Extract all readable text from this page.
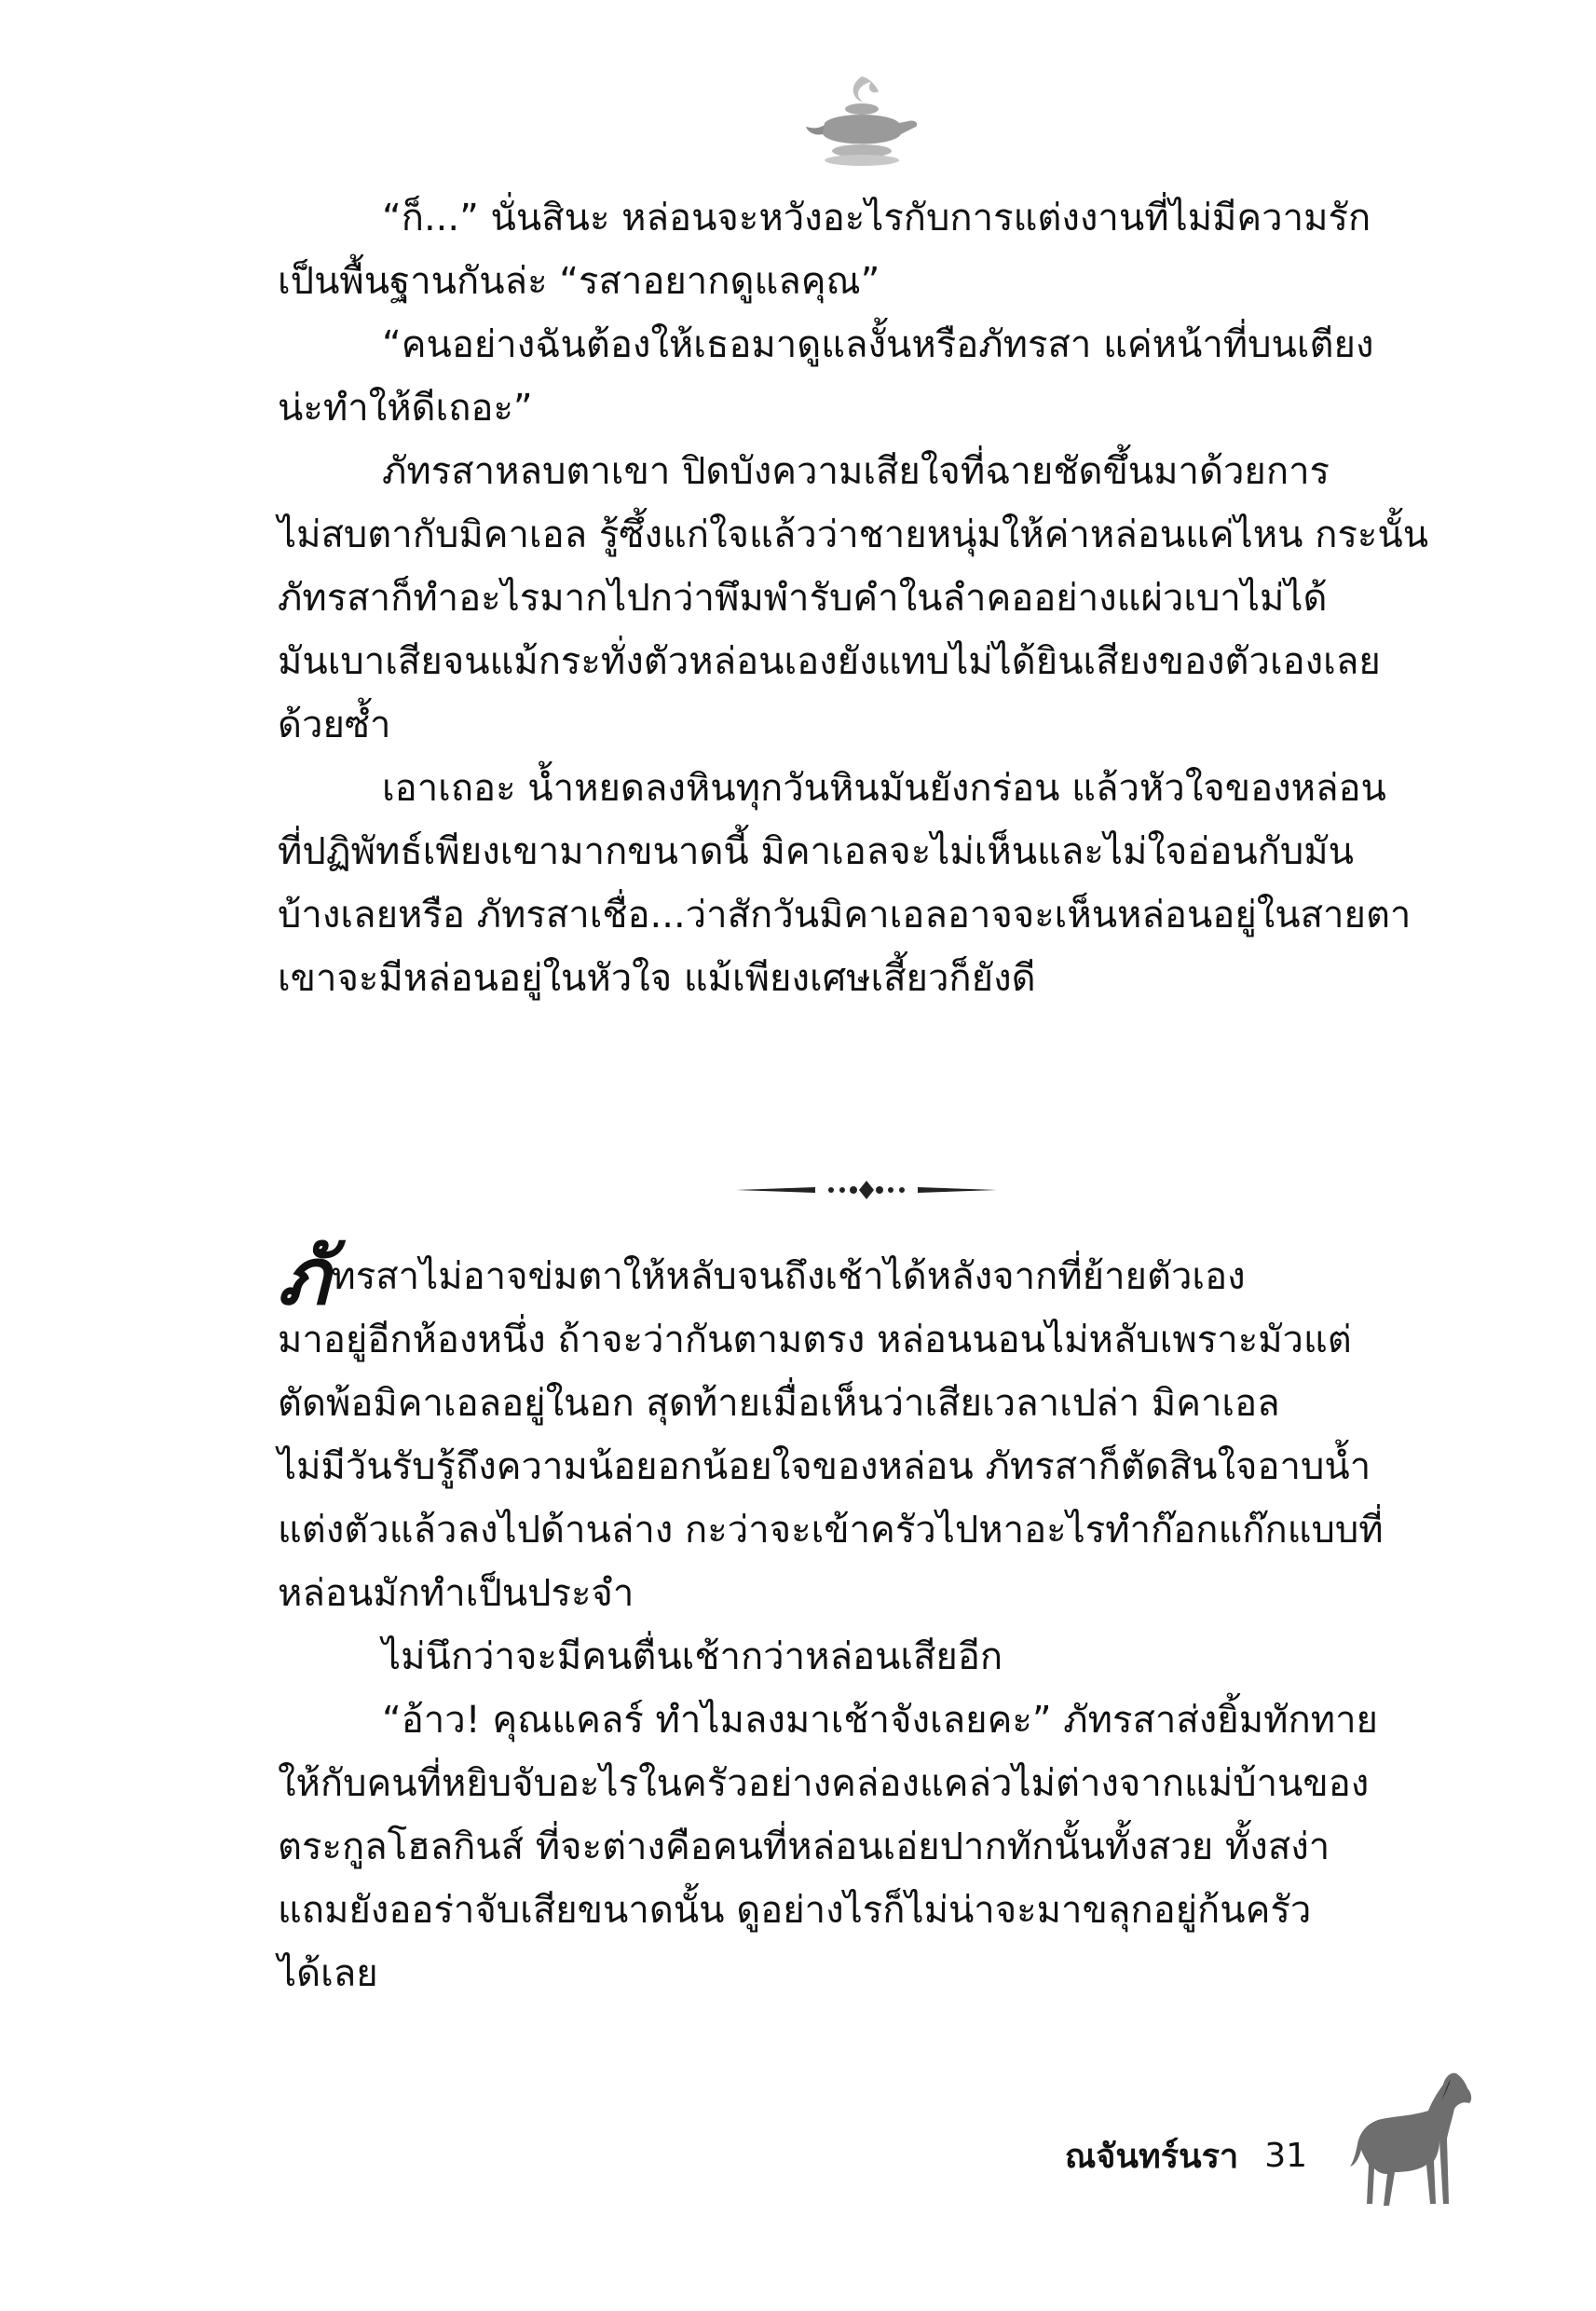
“ก็...” นั่นสินะ หล่อนจะหวังอะไรกับการแต่งงานที่ไม่มีความรัก

เป็นพื้นฐานกันล่ะ “รสาอยากดูแลคุณ”

“คนอย่างฉันต้องให้เธอมาดูแลงั้นหรือภัทรสา แค่หน้าที่บนเตียง

น่ะทำให้ดีเถอะ”

ภัทรสาหลบตาเขา ปิดบังความเสียใจที่ฉายชัดขึ้นมาด้วยการ

ไม่สบตากับมิคาเอล รู้ซึ้งแก่ใจแล้วว่าชายหนุ่มให้ค่าหล่อนแค่ไหน กระนั้น

ภัทรสาก็ทำอะไรมากไปกว่าพึมพำรับคำในลำคออย่างแผ่วเบาไม่ได้

มันเบาเสียจนแม้กระทั่งตัวหล่อนเองยังแทบไม่ได้ยินเสียงของตัวเองเลย

ด้วยซ้ำ

เอาเถอะ น้ำหยดลงหินทุกวันหินมันยังกร่อน แล้วหัวใจของหล่อน

ที่ปฏิพัทธ์เพียงเขามากขนาดนี้ มิคาเอลจะไม่เห็นและไม่ใจอ่อนกับมัน

บ้างเลยหรือ ภัทรสาเชื่อ...ว่าสักวันมิคาเอลอาจจะเห็นหล่อนอยู่ในสายตา

เขาจะมีหล่อนอยู่ในหัวใจ แม้เพียงเศษเสี้ยวก็ยังดี

ภัทรสาไม่อาจข่มตาให้หลับจนถึงเช้าได้หลังจากที่ย้ายตัวเอง

มาอยู่อีกห้องหนึ่ง ถ้าจะว่ากันตามตรง หล่อนนอนไม่หลับเพราะมัวแต่

ตัดพ้อมิคาเอลอยู่ในอก สุดท้ายเมื่อเห็นว่าเสียเวลาเปล่า มิคาเอล

ไม่มีวันรับรู้ถึงความน้อยอกน้อยใจของหล่อน ภัทรสาก็ตัดสินใจอาบน้ำ

แต่งตัวแล้วลงไปด้านล่าง กะว่าจะเข้าครัวไปหาอะไรทำก๊อกแก๊กแบบที่

หล่อนมักทำเป็นประจำ

ไม่นึกว่าจะมีคนตื่นเช้ากว่าหล่อนเสียอีก

“อ้าว! คุณแคลร์ ทำไมลงมาเช้าจังเลยคะ” ภัทรสาส่งยิ้มทักทาย

ให้กับคนที่หยิบจับอะไรในครัวอย่างคล่องแคล่วไม่ต่างจากแม่บ้านของ

ตระกูลโฮลกินส์ ที่จะต่างคือคนที่หล่อนเอ่ยปากทักนั้นทั้งสวย ทั้งสง่า

แถมยังออร่าจับเสียขนาดนั้น ดูอย่างไรก็ไม่น่าจะมาขลุกอยู่ก้นครัว

ได้เลย

ณจันทร์นรา 31
